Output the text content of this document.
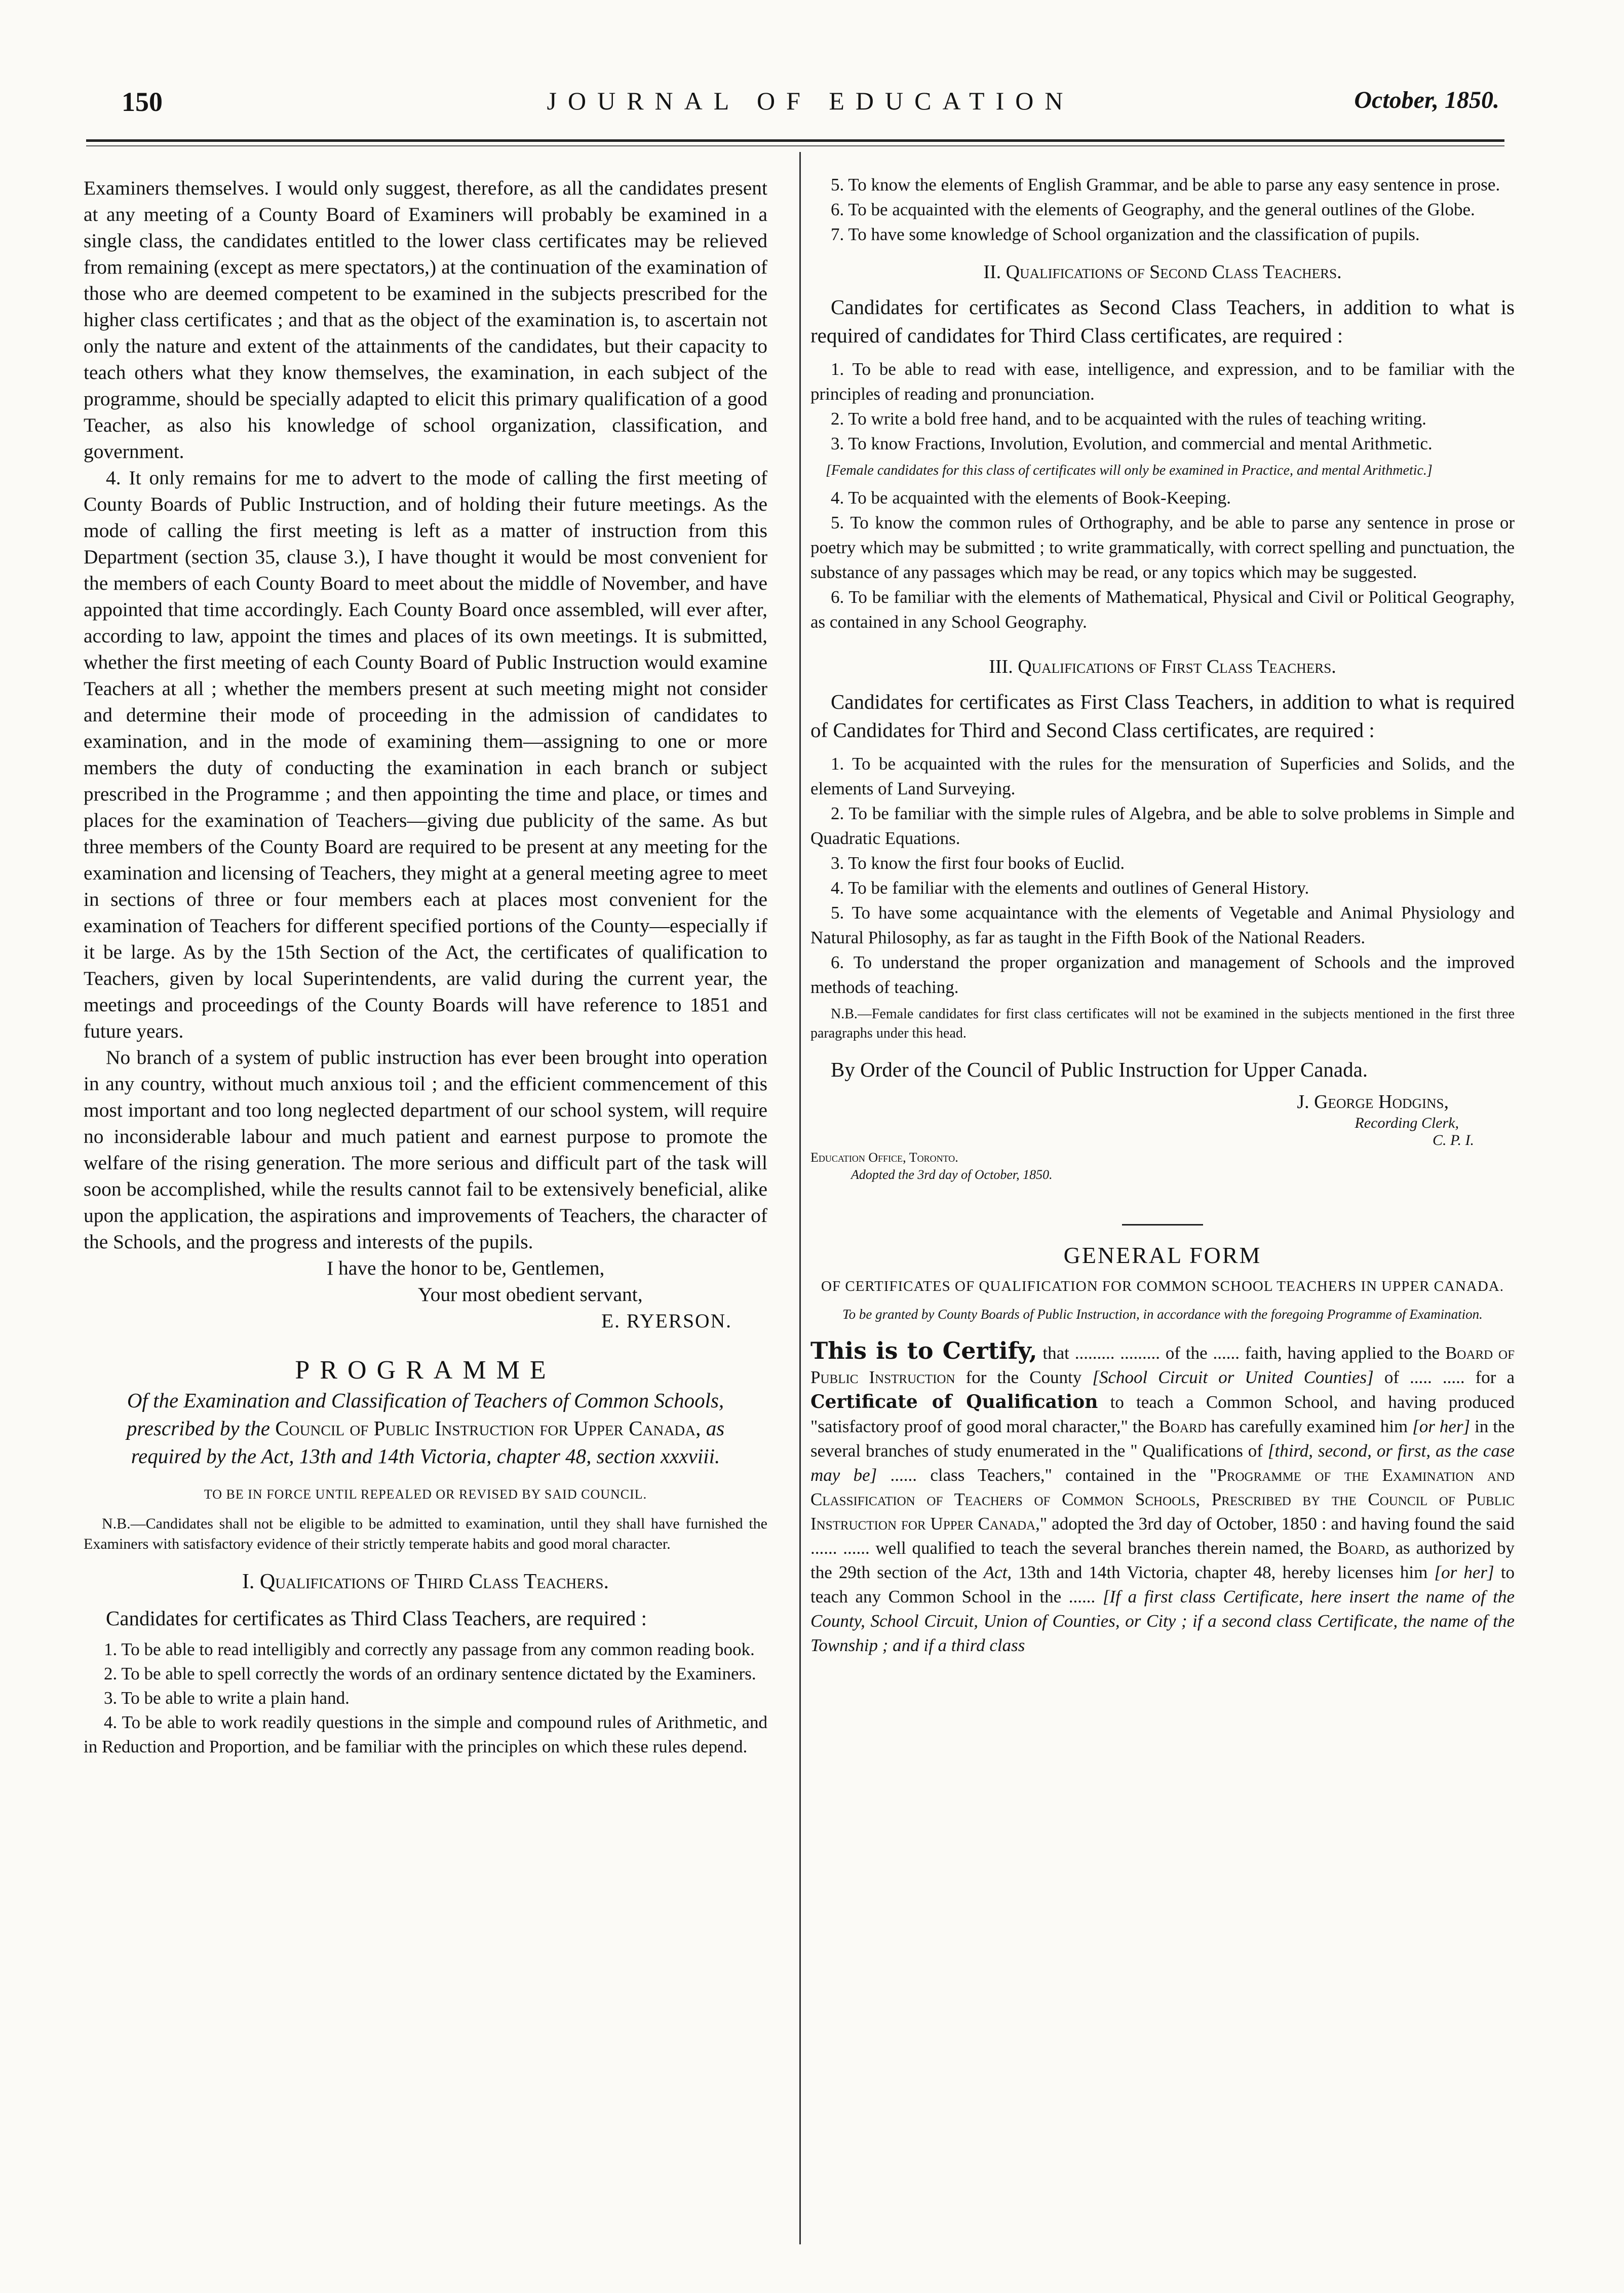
150	JOURNAL OF EDUCATION	October, 1850.

Examiners themselves. I would only suggest, therefore, as all the candidates present at any meeting of a County Board of Examiners will probably be examined in a single class, the candidates entitled to the lower class certificates may be relieved from remaining (except as mere spectators,) at the continuation of the examination of those who are deemed competent to be examined in the subjects prescribed for the higher class certificates ; and that as the object of the examination is, to ascertain not only the nature and extent of the attainments of the candidates, but their capacity to teach others what they know themselves, the examination, in each subject of the programme, should be specially adapted to elicit this primary qualification of a good Teacher, as also his knowledge of school organization, classification, and government.

4. It only remains for me to advert to the mode of calling the first meeting of County Boards of Public Instruction, and of holding their future meetings. As the mode of calling the first meeting is left as a matter of instruction from this Department (section 35, clause 3.), I have thought it would be most convenient for the members of each County Board to meet about the middle of November, and have appointed that time accordingly. Each County Board once assembled, will ever after, according to law, appoint the times and places of its own meetings. It is submitted, whether the first meeting of each County Board of Public Instruction would examine Teachers at all ; whether the members present at such meeting might not consider and determine their mode of proceeding in the admission of candidates to examination, and in the mode of examining them—assigning to one or more members the duty of conducting the examination in each branch or subject prescribed in the Programme ; and then appointing the time and place, or times and places for the examination of Teachers—giving due publicity of the same. As but three members of the County Board are required to be present at any meeting for the examination and licensing of Teachers, they might at a general meeting agree to meet in sections of three or four members each at places most convenient for the examination of Teachers for different specified portions of the County—especially if it be large. As by the 15th Section of the Act, the certificates of qualification to Teachers, given by local Superintendents, are valid during the current year, the meetings and proceedings of the County Boards will have reference to 1851 and future years.

No branch of a system of public instruction has ever been brought into operation in any country, without much anxious toil ; and the efficient commencement of this most important and too long neglected department of our school system, will require no inconsiderable labour and much patient and earnest purpose to promote the welfare of the rising generation. The more serious and difficult part of the task will soon be accomplished, while the results cannot fail to be extensively beneficial, alike upon the application, the aspirations and improvements of Teachers, the character of the Schools, and the progress and interests of the pupils.

I have the honor to be, Gentlemen,

Your most obedient servant,

E. RYERSON.

PROGRAMME

Of the Examination and Classification of Teachers of Common Schools, prescribed by the Council of Public Instruction for Upper Canada, as required by the Act, 13th and 14th Victoria, chapter 48, section xxxviii.

TO BE IN FORCE UNTIL REPEALED OR REVISED BY SAID COUNCIL.

N.B.—Candidates shall not be eligible to be admitted to examination, until they shall have furnished the Examiners with satisfactory evidence of their strictly temperate habits and good moral character.

I. Qualifications of Third Class Teachers.

Candidates for certificates as Third Class Teachers, are required :

1. To be able to read intelligibly and correctly any passage from any common reading book.

2. To be able to spell correctly the words of an ordinary sentence dictated by the Examiners.

3. To be able to write a plain hand.

4. To be able to work readily questions in the simple and compound rules of Arithmetic, and in Reduction and Proportion, and be familiar with the principles on which these rules depend.

5. To know the elements of English Grammar, and be able to parse any easy sentence in prose.

6. To be acquainted with the elements of Geography, and the general outlines of the Globe.

7. To have some knowledge of School organization and the classification of pupils.

II. Qualifications of Second Class Teachers.

Candidates for certificates as Second Class Teachers, in addition to what is required of candidates for Third Class certificates, are required :

1. To be able to read with ease, intelligence, and expression, and to be familiar with the principles of reading and pronunciation.

2. To write a bold free hand, and to be acquainted with the rules of teaching writing.

3. To know Fractions, Involution, Evolution, and commercial and mental Arithmetic.

[Female candidates for this class of certificates will only be examined in Practice, and mental Arithmetic.]

4. To be acquainted with the elements of Book-Keeping.

5. To know the common rules of Orthography, and be able to parse any sentence in prose or poetry which may be submitted ; to write grammatically, with correct spelling and punctuation, the substance of any passages which may be read, or any topics which may be suggested.

6. To be familiar with the elements of Mathematical, Physical and Civil or Political Geography, as contained in any School Geography.

III. Qualifications of First Class Teachers.

Candidates for certificates as First Class Teachers, in addition to what is required of Candidates for Third and Second Class certificates, are required :

1. To be acquainted with the rules for the mensuration of Superficies and Solids, and the elements of Land Surveying.

2. To be familiar with the simple rules of Algebra, and be able to solve problems in Simple and Quadratic Equations.

3. To know the first four books of Euclid.

4. To be familiar with the elements and outlines of General History.

5. To have some acquaintance with the elements of Vegetable and Animal Physiology and Natural Philosophy, as far as taught in the Fifth Book of the National Readers.

6. To understand the proper organization and management of Schools and the improved methods of teaching.

N.B.—Female candidates for first class certificates will not be examined in the subjects mentioned in the first three paragraphs under this head.

By Order of the Council of Public Instruction for Upper Canada.

J. George Hodgins,

Recording Clerk,

C. P. I.

Education Office, Toronto.

Adopted the 3rd day of October, 1850.

GENERAL FORM
OF CERTIFICATES OF QUALIFICATION FOR COMMON SCHOOL TEACHERS IN UPPER CANADA.
To be granted by County Boards of Public Instruction, in accordance with the foregoing Programme of Examination.

This is to Certify, that ......... ......... of the ...... faith, having applied to the Board of Public Instruction for the County [School Circuit or United Counties] of ..... ..... for a Certificate of Qualification to teach a Common School, and having produced "satisfactory proof of good moral character," the Board has carefully examined him [or her] in the several branches of study enumerated in the " Qualifications of [third, second, or first, as the case may be] ...... class Teachers," contained in the "Programme of the Examination and Classification of Teachers of Common Schools, Prescribed by the Council of Public Instruction for Upper Canada," adopted the 3rd day of October, 1850 : and having found the said ...... ...... well qualified to teach the several branches therein named, the Board, as authorized by the 29th section of the Act, 13th and 14th Victoria, chapter 48, hereby licenses him [or her] to teach any Common School in the ...... [If a first class Certificate, here insert the name of the County, School Circuit, Union of Counties, or City ; if a second class Certificate, the name of the Township ; and if a third class
